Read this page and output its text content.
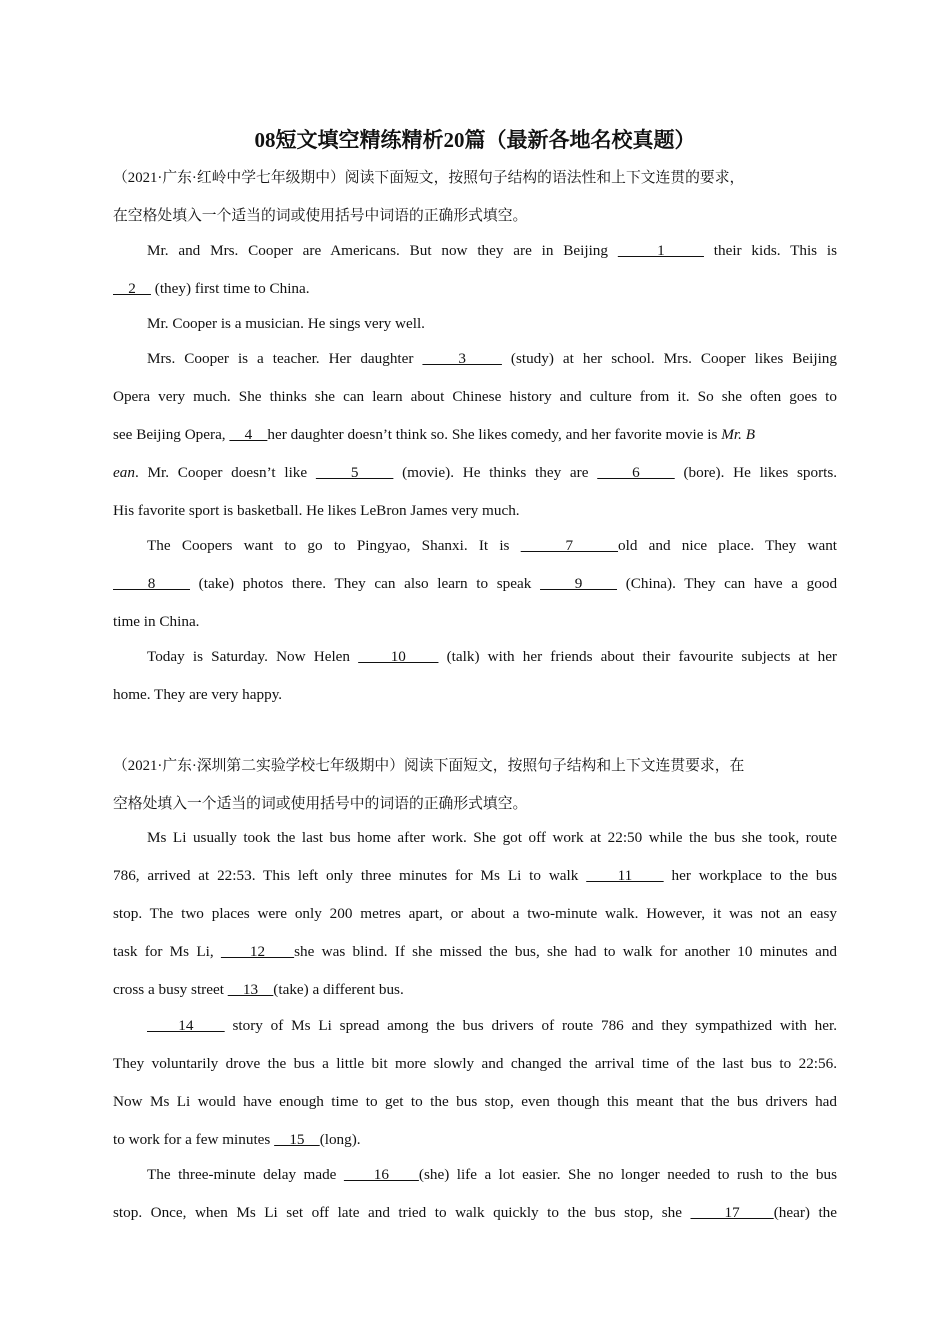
08短文填空精练精析20篇（最新各地名校真题）
（2021·广东·红岭中学七年级期中）阅读下面短文，按照句子结构的语法性和上下文连贯的要求，
在空格处填入一个适当的词或使用括号中词语的正确形式填空。
Mr. and Mrs. Cooper are Americans. But now they are in Beijing     1     their kids. This is
2     (they) first time to China.
Mr. Cooper is a musician. He sings very well.
Mrs. Cooper is a teacher. Her daughter     3     (study) at her school. Mrs. Cooper likes Beijing
Opera very much. She thinks she can learn about Chinese history and culture from it. So she often goes to
see Beijing Opera,     4    her daughter doesn’t think so. She likes comedy, and her favorite movie is Mr. B
ean. Mr. Cooper doesn’t like     5     (movie). He thinks they are     6     (bore). He likes sports.
His favorite sport is basketball. He likes LeBron James very much.
The Coopers want to go to Pingyao, Shanxi. It is     7    old and nice place. They want
8     (take) photos there. They can also learn to speak     9     (China). They can have a good
time in China.
Today is Saturday. Now Helen     10     (talk) with her friends about their favourite subjects at her
home. They are very happy.
（2021·广东·深圳第二实验学校七年级期中）阅读下面短文，按照句子结构和上下文连贯要求，在
空格处填入一个适当的词或使用括号中的词语的正确形式填空。
Ms Li usually took the last bus home after work. She got off work at 22:50 while the bus she took, route
786, arrived at 22:53. This left only three minutes for Ms Li to walk     11     her workplace to the bus
stop. The two places were only 200 metres apart, or about a two-minute walk. However, it was not an easy
task for Ms Li,     12    she was blind. If she missed the bus, she had to walk for another 10 minutes and
cross a busy street     13    (take) a different bus.
14     story of Ms Li spread among the bus drivers of route 786 and they sympathized with her.
They voluntarily drove the bus a little bit more slowly and changed the arrival time of the last bus to 22:56.
Now Ms Li would have enough time to get to the bus stop, even though this meant that the bus drivers had
to work for a few minutes     15    (long).
The three-minute delay made     16    (she) life a lot easier. She no longer needed to rush to the bus
stop. Once, when Ms Li set off late and tried to walk quickly to the bus stop, she     17    (hear) the
